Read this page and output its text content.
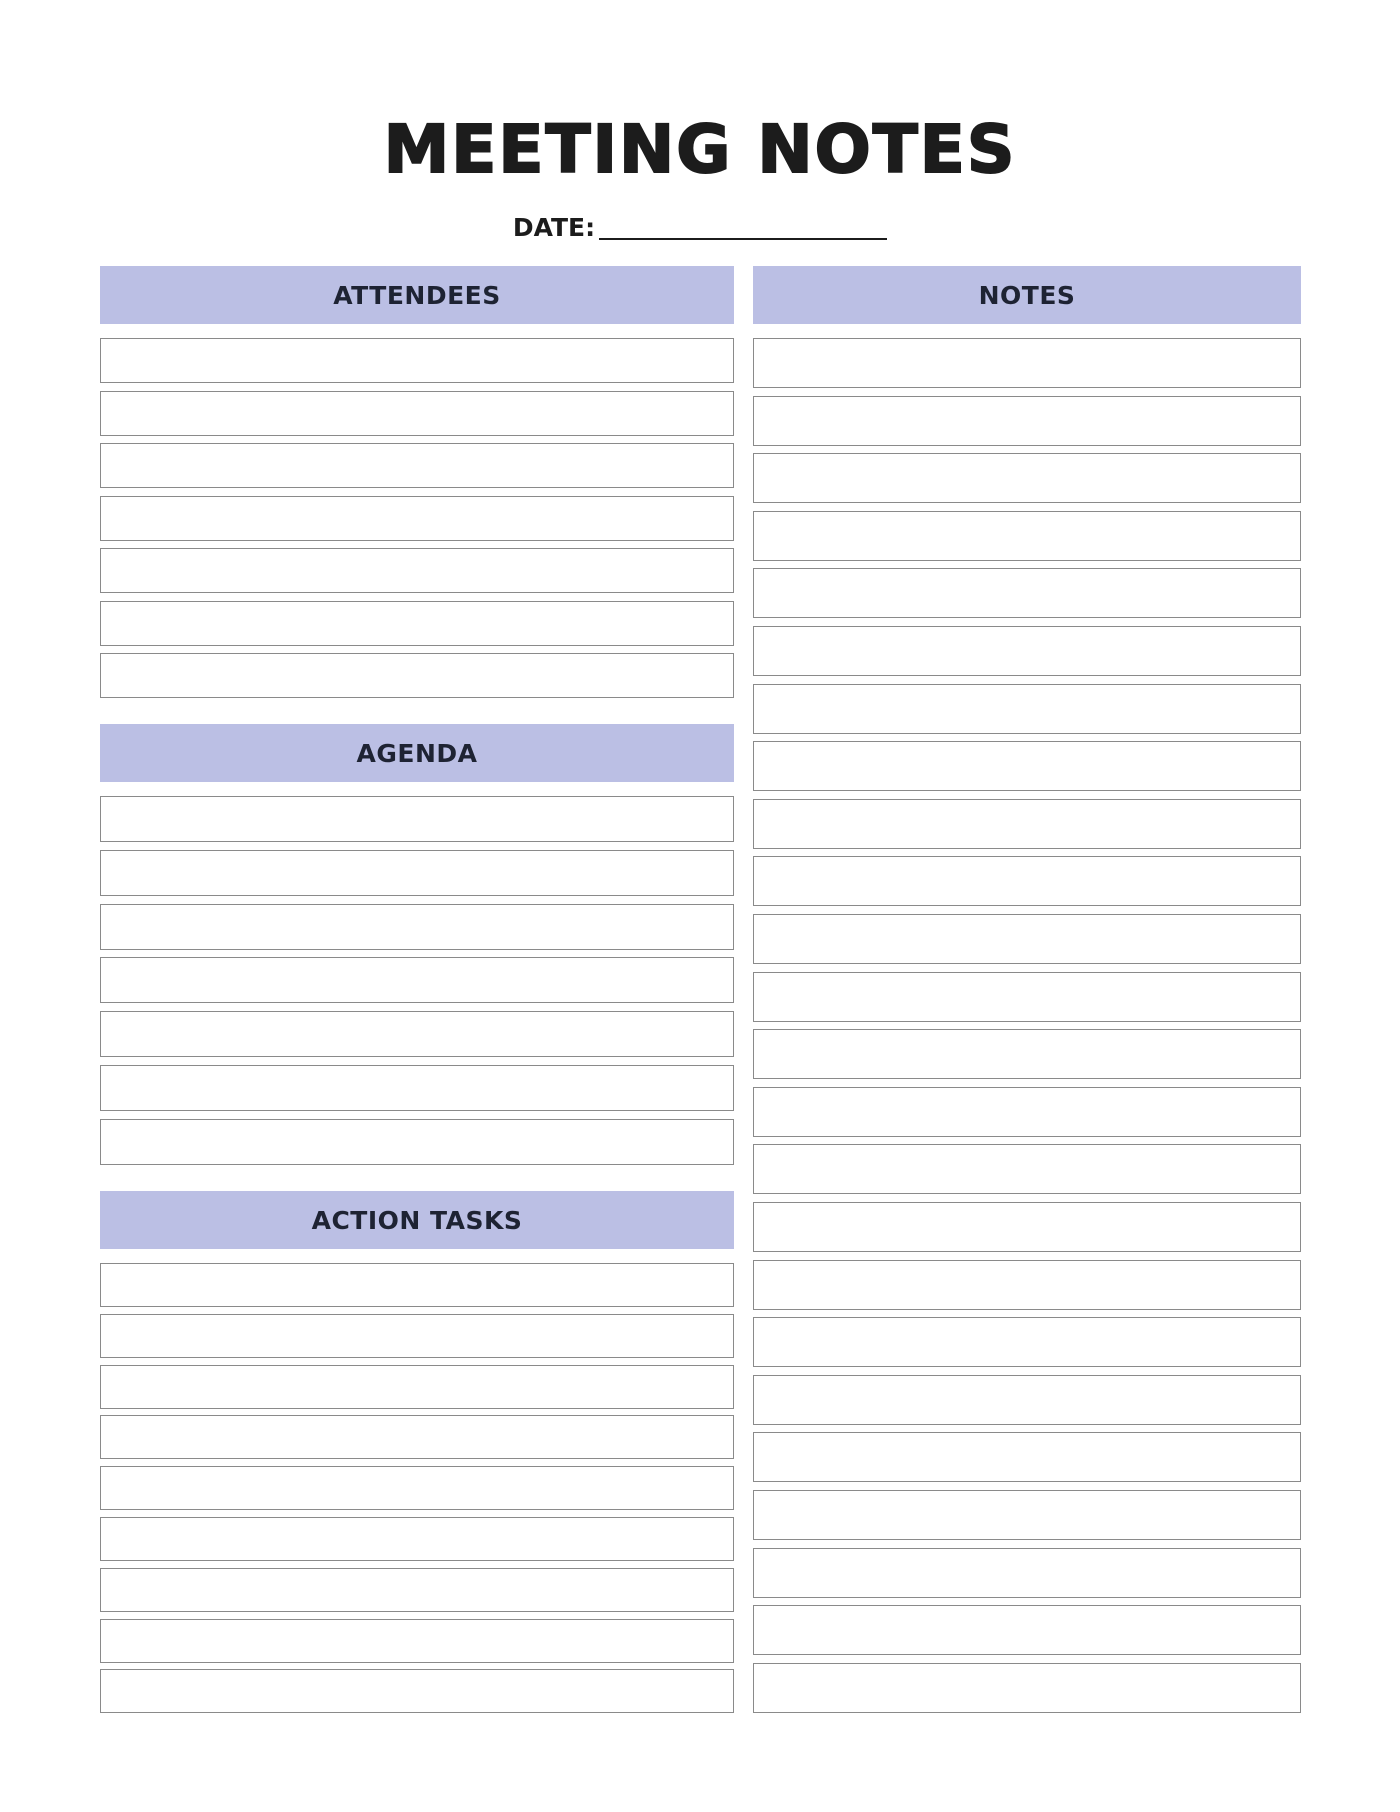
MEETING NOTES
DATE:
ATTENDEES
AGENDA
ACTION TASKS
NOTES
